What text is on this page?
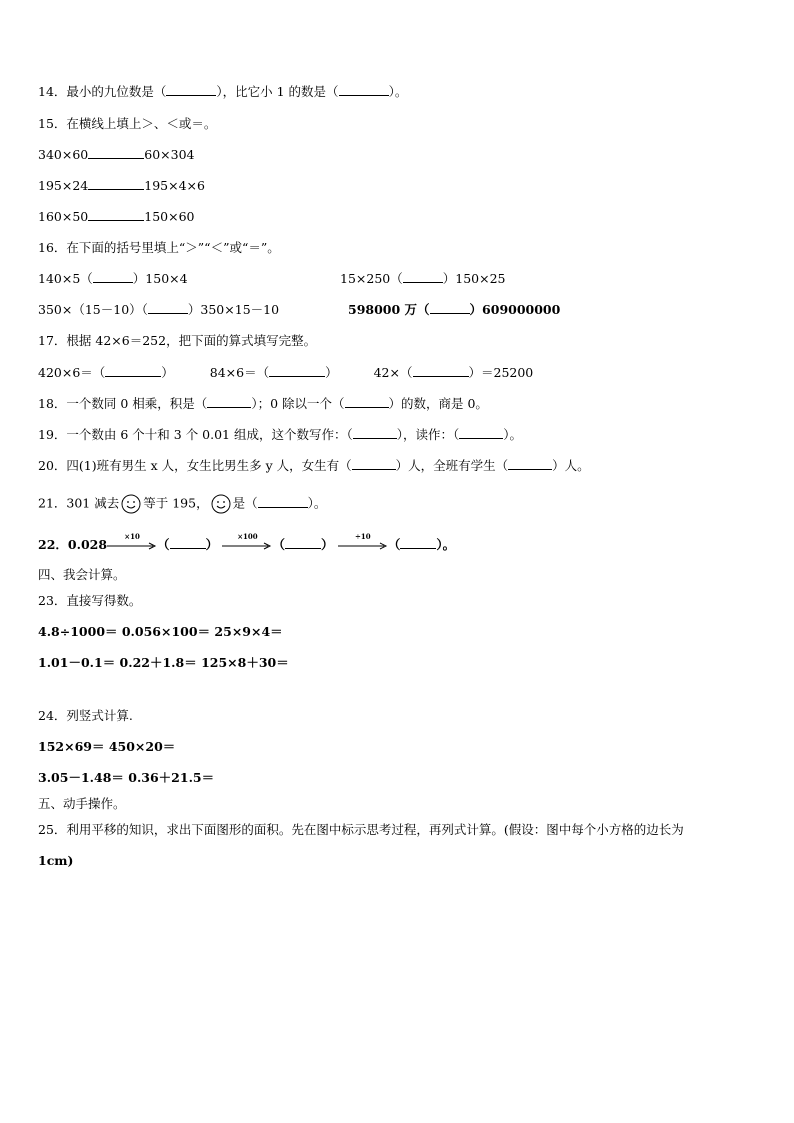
14．最小的九位数是（	），比它小 1 的数是（	）。
15．在横线上填上＞、＜或＝。
340×60	60×304
195×24	195×4×6
160×50	150×60
16．在下面的括号里填上“＞”“＜”或“＝”。
140×5（	）150×4	15×250（	）150×25
350×（15－10）（	）350×15－10	598000 万（	）609000000
17．根据 42×6＝252，把下面的算式填写完整。
420×6＝（	）	84×6＝（	）	42×（	）＝25200
18．一个数同 0 相乘，积是（	）；0 除以一个（	）的数，商是 0。
19．一个数由 6 个十和 3 个 0.01 组成，这个数写作：（	），读作：（	）。
20．四(1)班有男生 x 人，女生比男生多 y 人，女生有（	）人，全班有学生（	）人。
21．301 减去 等于 195， 是（	）。
22．0.028
×10
（	）
×100
（	）
÷10
（	）。
四、我会计算。
23．直接写得数。
4.8÷1000＝ 0.056×100＝ 25×9×4＝
1.01－0.1＝ 0.22＋1.8＝ 125×8＋30＝
24．列竖式计算.
152×69＝ 450×20＝
3.05－1.48＝ 0.36＋21.5＝
五、动手操作。
25．利用平移的知识，求出下面图形的面积。先在图中标示思考过程，再列式计算。(假设：图中每个小方格的边长为
1cm)
